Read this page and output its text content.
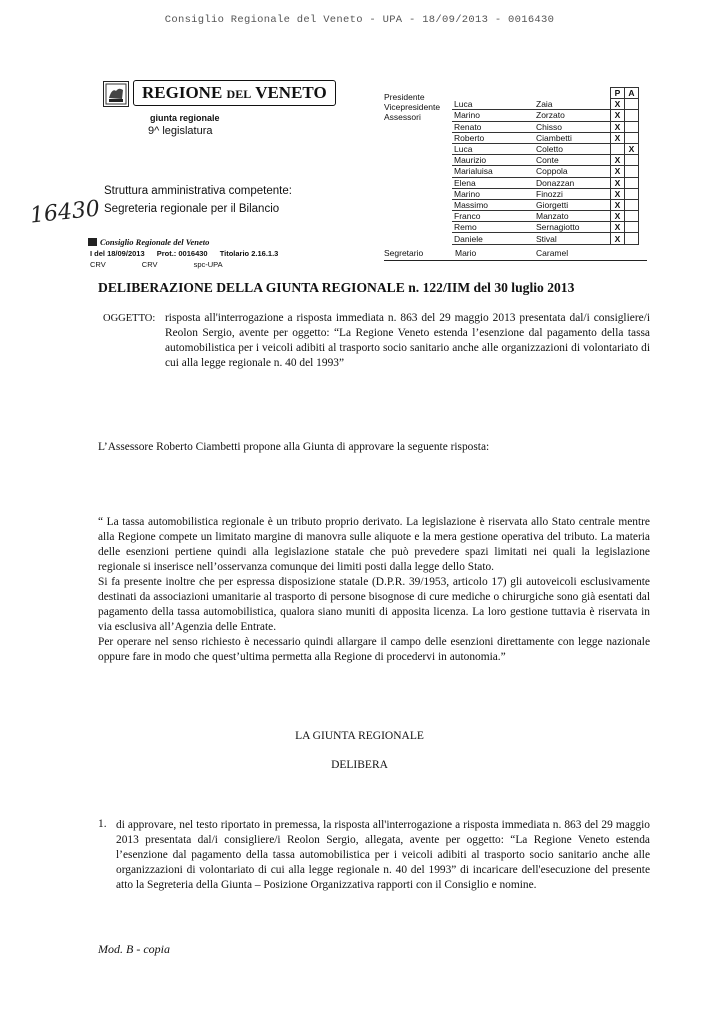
Consiglio Regionale del Veneto - UPA - 18/09/2013 - 0016430
REGIONE DEL VENETO
giunta regionale
9^ legislatura
Struttura amministrativa competente:
Segreteria regionale per il Bilancio
16430
Consiglio Regionale del Veneto
I del 18/09/2013 Prot.: 0016430 Titolario 2.16.1.3
CRV	CRV	spc-UPA
Presidente
Vicepresidente
Assessori
		P	A
Luca	Zaia	X	
Marino	Zorzato	X	
Renato	Chisso	X	
Roberto	Ciambetti	X	
Luca	Coletto		X
Maurizio	Conte	X	
Marialuisa	Coppola	X	
Elena	Donazzan	X	
Marino	Finozzi	X	
Massimo	Giorgetti	X	
Franco	Manzato	X	
Remo	Sernagiotto	X	
Daniele	Stival	X	
Segretario	Mario	Caramel
DELIBERAZIONE DELLA GIUNTA REGIONALE n. 122/IIM del 30 luglio 2013
OGGETTO: risposta all'interrogazione a risposta immediata n. 863 del 29 maggio 2013 presentata dal/i consigliere/i Reolon Sergio, avente per oggetto: “La Regione Veneto estenda l’esenzione dal pagamento della tassa automobilistica per i veicoli adibiti al trasporto socio sanitario anche alle organizzazioni di volontariato di cui alla legge regionale n. 40 del 1993”
L’Assessore Roberto Ciambetti propone alla Giunta di approvare la seguente risposta:

“ La tassa automobilistica regionale è un tributo proprio derivato. La legislazione è riservata allo Stato centrale mentre alla Regione compete un limitato margine di manovra sulle aliquote e la mera gestione operativa del tributo. La materia delle esenzioni pertiene quindi alla legislazione statale che può prevedere spazi limitati nei quali la legislazione regionale si inserisce nell’osservanza comunque dei limiti posti dalla legge dello Stato.

Si fa presente inoltre che per espressa disposizione statale (D.P.R. 39/1953, articolo 17) gli autoveicoli esclusivamente destinati da associazioni umanitarie al trasporto di persone bisognose di cure mediche o chirurgiche sono già esentati dal pagamento della tassa automobilistica, qualora siano muniti di apposita licenza. La loro gestione tuttavia è riservata in via esclusiva all’Agenzia delle Entrate.

Per operare nel senso richiesto è necessario quindi allargare il campo delle esenzioni direttamente con legge nazionale oppure fare in modo che quest’ultima permetta alla Regione di procedervi in autonomia.”

LA GIUNTA REGIONALE
DELIBERA
1. di approvare, nel testo riportato in premessa, la risposta all'interrogazione a risposta immediata n. 863 del 29 maggio 2013 presentata dal/i consigliere/i Reolon Sergio, allegata, avente per oggetto: “La Regione Veneto estenda l’esenzione dal pagamento della tassa automobilistica per i veicoli adibiti al trasporto socio sanitario anche alle organizzazioni di volontariato di cui alla legge regionale n. 40 del 1993” di incaricare dell'esecuzione del presente atto la Segreteria della Giunta – Posizione Organizzativa rapporti con il Consiglio e nomine.
Mod. B - copia
